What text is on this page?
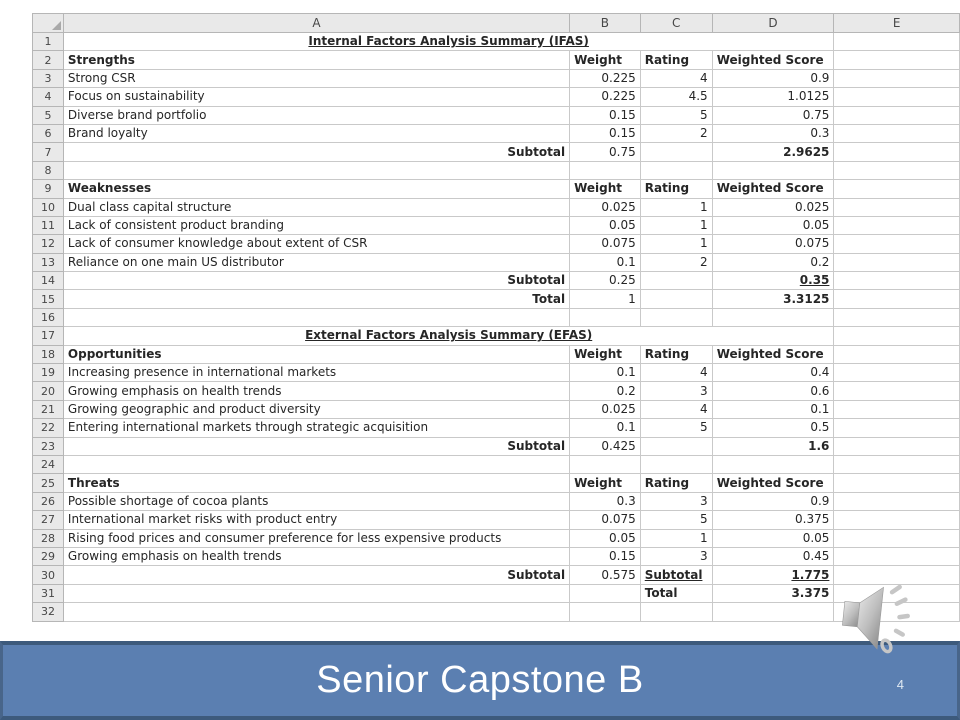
	A	B	C	D	E
1	Internal Factors Analysis Summary (IFAS)				
2	Strengths	Weight	Rating	Weighted Score	
3	Strong CSR	0.225	4	0.9	
4	Focus on sustainability	0.225	4.5	1.0125	
5	Diverse brand portfolio	0.15	5	0.75	
6	Brand loyalty	0.15	2	0.3	
7	Subtotal	0.75		2.9625	
8					
9	Weaknesses	Weight	Rating	Weighted Score	
10	Dual class capital structure	0.025	1	0.025	
11	Lack of consistent product branding	0.05	1	0.05	
12	Lack of consumer knowledge about extent of CSR	0.075	1	0.075	
13	Reliance on one main US distributor	0.1	2	0.2	
14	Subtotal	0.25		0.35	
15	Total	1		3.3125	
16					
17	External Factors Analysis Summary (EFAS)				
18	Opportunities	Weight	Rating	Weighted Score	
19	Increasing presence in international markets	0.1	4	0.4	
20	Growing emphasis on health trends	0.2	3	0.6	
21	Growing geographic and product diversity	0.025	4	0.1	
22	Entering international markets through strategic acquisition	0.1	5	0.5	
23	Subtotal	0.425		1.6	
24					
25	Threats	Weight	Rating	Weighted Score	
26	Possible shortage of cocoa plants	0.3	3	0.9	
27	International market risks with product entry	0.075	5	0.375	
28	Rising food prices and consumer preference for less expensive products	0.05	1	0.05	
29	Growing emphasis on health trends	0.15	3	0.45	
30	Subtotal	0.575	Subtotal	1.775	
31			Total	3.375	
32					
Senior Capstone B	4
